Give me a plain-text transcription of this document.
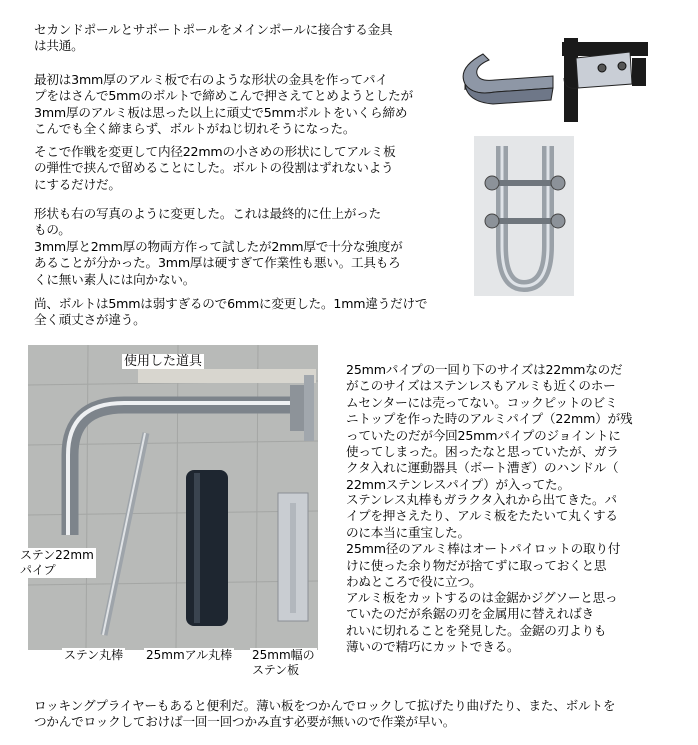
セカンドポールとサポートポールをメインポールに接合する金具
は共通。

最初は3mm厚のアルミ板で右のような形状の金具を作ってパイ
プをはさんで5mmのボルトで締めこんで押さえてとめようとしたが
3mm厚のアルミ板は思った以上に頑丈で5mmボルトをいくら締め
こんでも全く締まらず、ボルトがねじ切れそうになった。

そこで作戦を変更して内径22mmの小さめの形状にしてアルミ板
の弾性で挟んで留めることにした。ボルトの役割はずれないよう
にするだけだ。

形状も右の写真のように変更した。これは最終的に仕上がった
もの。
3mm厚と2mm厚の物両方作って試したが2mm厚で十分な強度が
あることが分かった。3mm厚は硬すぎて作業性も悪い。工具もろ
くに無い素人には向かない。

尚、ボルトは5mmは弱すぎるので6mmに変更した。1mm違うだけで
全く頑丈さが違う。

25mmパイプの一回り下のサイズは22mmなのだ
がこのサイズはステンレスもアルミも近くのホー
ムセンターには売ってない。コックピットのビミ
ニトップを作った時のアルミパイプ（22mm）が残
っていたのだが今回25mmパイプのジョイントに
使ってしまった。困ったなと思っていたが、ガラ
クタ入れに運動器具（ボート漕ぎ）のハンドル（
22mmステンレスパイプ）が入ってた。

ステンレス丸棒もガラクタ入れから出てきた。パ
イプを押さえたり、アルミ板をたたいて丸くする
のに本当に重宝した。
25mm径のアルミ棒はオートパイロットの取り付
けに使った余り物だが捨てずに取っておくと思
わぬところで役に立つ。

アルミ板をカットするのは金鋸かジグソーと思っ
ていたのだが糸鋸の刃を金属用に替えればき
れいに切れることを発見した。金鋸の刃よりも
薄いので精巧にカットできる。

ロッキングプライヤーもあると便利だ。薄い板をつかんでロックして拡げたり曲げたり、また、ボルトを
つかんでロックしておけば一回一回つかみ直す必要が無いので作業が早い。

使用した道具
ステン22mm
パイプ
ステン丸棒 25mmアル丸棒 25mm幅の
ステン板
